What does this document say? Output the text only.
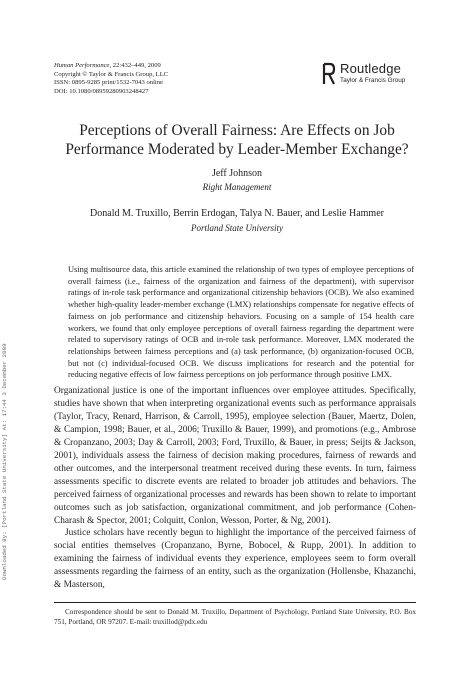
Human Performance, 22:432–449, 2009
Copyright © Taylor & Francis Group, LLC
ISSN: 0895-9285 print/1532-7043 online
DOI: 10.1080/08959280903248427
Routledge
Taylor & Francis Group
Downloaded By: [Portland State University] At: 17:44 3 December 2009
Perceptions of Overall Fairness: Are Effects on Job Performance Moderated by Leader-Member Exchange?
Jeff Johnson
Right Management
Donald M. Truxillo, Berrin Erdogan, Talya N. Bauer, and Leslie Hammer
Portland State University
Using multisource data, this article examined the relationship of two types of employee perceptions of overall fairness (i.e., fairness of the organization and fairness of the department), with supervisor ratings of in-role task performance and organizational citizenship behaviors (OCB). We also examined whether high-quality leader-member exchange (LMX) relationships compensate for negative effects of fairness on job performance and citizenship behaviors. Focusing on a sample of 154 health care workers, we found that only employee perceptions of overall fairness regarding the department were related to supervisory ratings of OCB and in-role task performance. Moreover, LMX moderated the relationships between fairness perceptions and (a) task performance, (b) organization-focused OCB, but not (c) individual-focused OCB. We discuss implications for research and the potential for reducing negative effects of low fairness perceptions on job performance through positive LMX.

Organizational justice is one of the important influences over employee attitudes. Specifically, studies have shown that when interpreting organizational events such as performance appraisals (Taylor, Tracy, Renard, Harrison, & Carroll, 1995), employee selection (Bauer, Maertz, Dolen, & Campion, 1998; Bauer, et al., 2006; Truxillo & Bauer, 1999), and promotions (e.g., Ambrose & Cropanzano, 2003; Day & Carroll, 2003; Ford, Truxillo, & Bauer, in press; Seijts & Jackson, 2001), individuals assess the fairness of decision making procedures, fairness of rewards and other outcomes, and the interpersonal treatment received during these events. In turn, fairness assessments specific to discrete events are related to broader job attitudes and behaviors. The perceived fairness of organizational processes and rewards has been shown to relate to important outcomes such as job satisfaction, organizational commitment, and job performance (Cohen-Charash & Spector, 2001; Colquitt, Conlon, Wesson, Porter, & Ng, 2001).

Justice scholars have recently begun to highlight the importance of the perceived fairness of social entities themselves (Cropanzano, Byrne, Bobocel, & Rupp, 2001). In addition to examining the fairness of individual events they experience, employees seem to form overall assessments regarding the fairness of an entity, such as the organization (Hollensbe, Khazanchi, & Masterson,

Correspondence should be sent to Donald M. Truxillo, Department of Psychology, Portland State University, P.O. Box 751, Portland, OR 97207. E-mail: truxillod@pdx.edu
